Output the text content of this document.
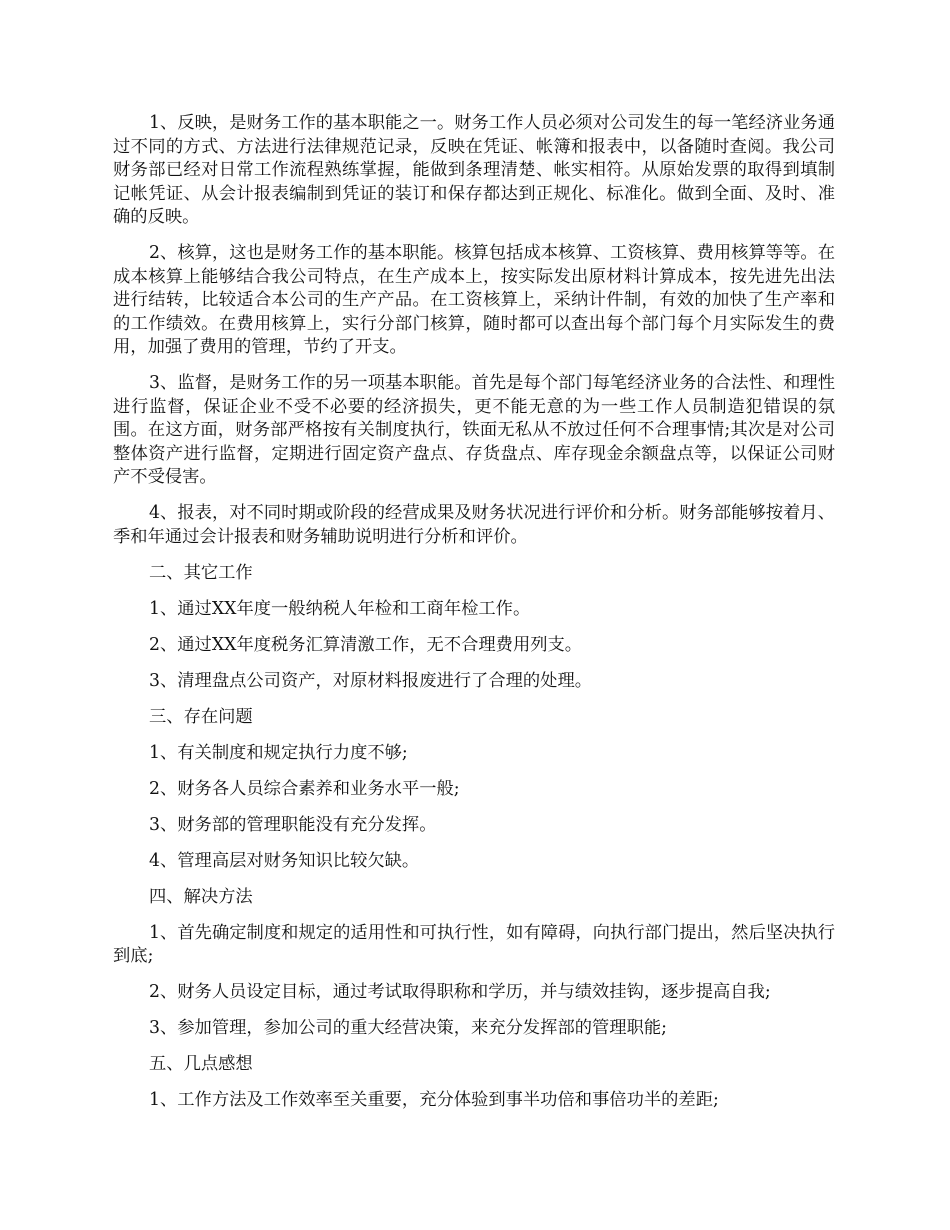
1、反映，是财务工作的基本职能之一。财务工作人员必须对公司发生的每一笔经济业务通过不同的方式、方法进行法律规范记录，反映在凭证、帐簿和报表中，以备随时查阅。我公司财务部已经对日常工作流程熟练掌握，能做到条理清楚、帐实相符。从原始发票的取得到填制记帐凭证、从会计报表编制到凭证的装订和保存都达到正规化、标准化。做到全面、及时、准确的反映。

2、核算，这也是财务工作的基本职能。核算包括成本核算、工资核算、费用核算等等。在成本核算上能够结合我公司特点，在生产成本上，按实际发出原材料计算成本，按先进先出法进行结转，比较适合本公司的生产产品。在工资核算上，采纳计件制，有效的加快了生产率和的工作绩效。在费用核算上，实行分部门核算，随时都可以查出每个部门每个月实际发生的费用，加强了费用的管理，节约了开支。

3、监督，是财务工作的另一项基本职能。首先是每个部门每笔经济业务的合法性、和理性进行监督，保证企业不受不必要的经济损失，更不能无意的为一些工作人员制造犯错误的氛围。在这方面，财务部严格按有关制度执行，铁面无私从不放过任何不合理事情;其次是对公司整体资产进行监督，定期进行固定资产盘点、存货盘点、库存现金余额盘点等，以保证公司财产不受侵害。

4、报表，对不同时期或阶段的经营成果及财务状况进行评价和分析。财务部能够按着月、季和年通过会计报表和财务辅助说明进行分析和评价。

二、其它工作

1、通过XX年度一般纳税人年检和工商年检工作。

2、通过XX年度税务汇算清激工作，无不合理费用列支。

3、清理盘点公司资产，对原材料报废进行了合理的处理。

三、存在问题

1、有关制度和规定执行力度不够;

2、财务各人员综合素养和业务水平一般;

3、财务部的管理职能没有充分发挥。

4、管理高层对财务知识比较欠缺。

四、解决方法

1、首先确定制度和规定的适用性和可执行性，如有障碍，向执行部门提出，然后坚决执行到底;

2、财务人员设定目标，通过考试取得职称和学历，并与绩效挂钩，逐步提高自我;

3、参加管理，参加公司的重大经营决策，来充分发挥部的管理职能;

五、几点感想

1、工作方法及工作效率至关重要，充分体验到事半功倍和事倍功半的差距;
